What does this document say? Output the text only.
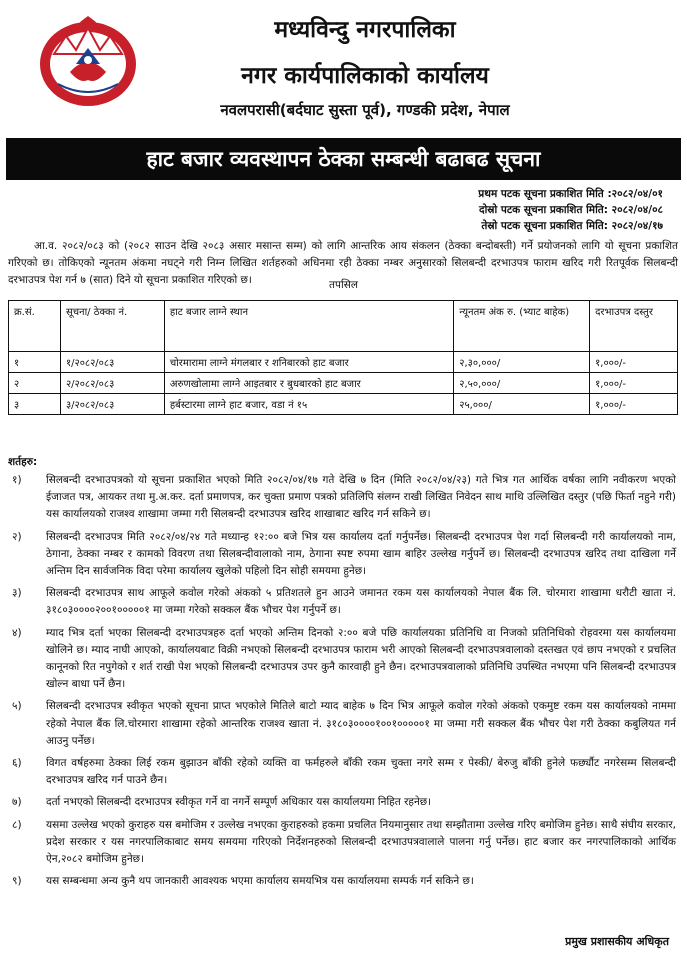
मध्यविन्दु नगरपालिका
नगर कार्यपालिकाको कार्यालय
नवलपरासी(बर्दघाट सुस्ता पूर्व), गण्डकी प्रदेश, नेपाल
हाट बजार व्यवस्थापन ठेक्का सम्बन्धी बढाबढ सूचना
प्रथम पटक सूचना प्रकाशित मिति :२०८२/०४/०१
दोस्रो पटक सूचना प्रकाशित मिति: २०८२/०४/०८
तेस्रो पटक सूचना प्रकाशित मिति: २०८२/०४/१७

आ.व. २०८२/०८३ को (२०८२ साउन देखि २०८३ असार मसान्त सम्म) को लागि आन्तरिक आय संकलन (ठेक्का बन्दोबस्ती) गर्ने प्रयोजनको लागि यो सूचना प्रकाशित गरिएको छ। तोकिएको न्यूनतम अंकमा नघट्ने गरी निम्न लिखित शर्तहरुको अधिनमा रही ठेक्का नम्बर अनुसारको सिलबन्दी दरभाउपत्र फाराम खरिद गरी रितपूर्वक सिलबन्दी दरभाउपत्र पेश गर्न ७ (सात) दिने यो सूचना प्रकाशित गरिएको छ।	तपसिल
क्र.सं.	सूचना/ ठेक्का नं.	हाट बजार लाग्ने स्थान	न्यूनतम अंक रु. (भ्याट बाहेक)	दरभाउपत्र दस्तुर
१	१/२०८२/०८३	चोरमारामा लाग्ने मंगलबार र शनिबारको हाट बजार	२,३०,०००/	१,०००/-
२	२/२०८२/०८३	अरुणखोलामा लाग्ने आइतबार र बुधबारको हाट बजार	२,५०,०००/	१,०००/-
३	३/२०८२/०८३	हर्बस्टारमा लाग्ने हाट बजार, वडा नं १५	२५,०००/	१,०००/-
शर्तहरु:
१)	सिलबन्दी दरभाउपत्रको यो सूचना प्रकाशित भएको मिति २०८२/०४/१७ गते देखि ७ दिन (मिति २०८२/०४/२३) गते भित्र गत आर्थिक वर्षका लागि नवीकरण भएको ईजाजत पत्र, आयकर तथा मु.अ.कर. दर्ता प्रमाणपत्र, कर चुक्ता प्रमाण पत्रको प्रतिलिपि संलग्न राखी लिखित निवेदन साथ माथि उल्लिखित दस्तुर (पछि फिर्ता नहुने गरी) यस कार्यालयको राजश्व शाखामा जम्मा गरी सिलबन्दी दरभाउपत्र खरिद शाखाबाट खरिद गर्न सकिने छ।
२)	सिलबन्दी दरभाउपत्र मिति २०८२/०४/२४ गते मध्यान्ह १२:०० बजे भित्र यस कार्यालय दर्ता गर्नुपर्नेछ। सिलबन्दी दरभाउपत्र पेश गर्दा सिलबन्दी गरी कार्यालयको नाम, ठेगाना, ठेक्का नम्बर र कामको विवरण तथा सिलबन्दीवालाको नाम, ठेगाना स्पष्ट रुपमा खाम बाहिर उल्लेख गर्नुपर्ने छ। सिलबन्दी दरभाउपत्र खरिद तथा दाखिला गर्ने अन्तिम दिन सार्वजनिक विदा परेमा कार्यालय खुलेको पहिलो दिन सोही समयमा हुनेछ।
३)	सिलबन्दी दरभाउपत्र साथ आफूले कवोल गरेको अंकको ५ प्रतिशतले हुन आउने जमानत रकम यस कार्यालयको नेपाल बैंक लि. चोरमारा शाखामा धरौटी खाता नं. ३१८०३००००२००१०००००१ मा जम्मा गरेको सक्कल बैंक भौचर पेश गर्नुपर्ने छ।
४)	म्याद भित्र दर्ता भएका सिलबन्दी दरभाउपत्रहरु दर्ता भएको अन्तिम दिनको २:०० बजे पछि कार्यालयका प्रतिनिधि वा निजको प्रतिनिधिको रोहवरमा यस कार्यालयमा खोलिने छ। म्याद नाघी आएको, कार्यालयबाट विक्री नभएको सिलबन्दी दरभाउपत्र फाराम भरी आएको सिलबन्दी दरभाउपत्रवालाको दस्तखत एवं छाप नभएको र प्रचलित कानूनको रित नपुगेको र शर्त राखी पेश भएको सिलबन्दी दरभाउपत्र उपर कुनै कारवाही हुने छैन। दरभाउपत्रवालाको प्रतिनिधि उपस्थित नभएमा पनि सिलबन्दी दरभाउपत्र खोल्न बाधा पर्ने छैन।
५)	सिलबन्दी दरभाउपत्र स्वीकृत भएको सूचना प्राप्त भएकोले मितिले बाटो म्याद बाहेक ७ दिन भित्र आफूले कवोल गरेको अंकको एकमुष्ट रकम यस कार्यालयको नाममा रहेको नेपाल बैंक लि.चोरमारा शाखामा रहेको आन्तरिक राजश्व खाता नं. ३१८०३००००१००१०००००१ मा जम्मा गरी सक्कल बैंक भौचर पेश गरी ठेक्का कबुलियत गर्न आउनु पर्नेछ।
६)	विगत वर्षहरुमा ठेक्का लिई रकम बुझाउन बाँकी रहेको व्यक्ति वा फर्महरुले बाँकी रकम चुक्ता नगरे सम्म र पेस्की/ बेरुजु बाँकी हुनेले फर्छ्यौट नगरेसम्म सिलबन्दी दरभाउपत्र खरिद गर्न पाउने छैन।
७)	दर्ता नभएको सिलबन्दी दरभाउपत्र स्वीकृत गर्ने वा नगर्ने सम्पूर्ण अधिकार यस कार्यालयमा निहित रहनेछ।
८)	यसमा उल्लेख भएको कुराहरु यस बमोजिम र उल्लेख नभएका कुराहरुको हकमा प्रचलित नियमानुसार तथा सम्झौतामा उल्लेख गरिए बमोजिम हुनेछ। साथै संघीय सरकार, प्रदेश सरकार र यस नगरपालिकाबाट समय समयमा गरिएको निर्देशनहरुको सिलबन्दी दरभाउपत्रवालाले पालना गर्नु पर्नेछ। हाट बजार कर नगरपालिकाको आर्थिक ऐन,२०८२ बमोजिम हुनेछ।
९)	यस सम्बन्धमा अन्य कुनै थप जानकारी आवश्यक भएमा कार्यालय समयभित्र यस कार्यालयमा सम्पर्क गर्न सकिने छ।
प्रमुख प्रशासकीय अधिकृत
